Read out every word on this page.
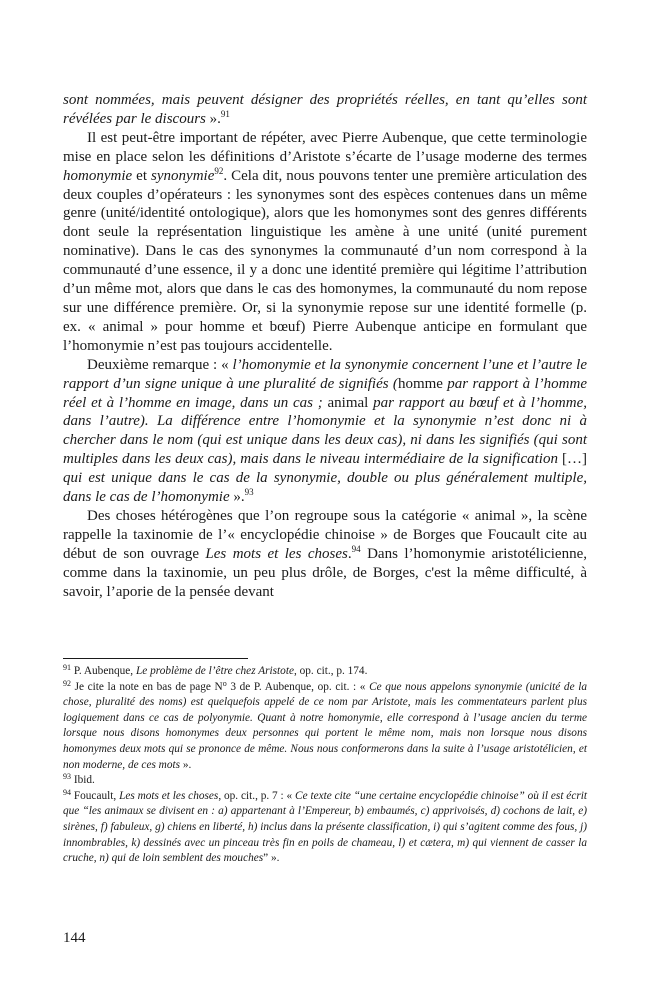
sont nommées, mais peuvent désigner des propriétés réelles, en tant qu’elles sont révélées par le discours ».$^{91}$

Il est peut-être important de répéter, avec Pierre Aubenque, que cette terminologie mise en place selon les définitions d’Aristote s’écarte de l’usage moderne des termes homonymie et synonymie$^{92}$. Cela dit, nous pouvons tenter une première articulation des deux couples d’opérateurs : les synonymes sont des espèces contenues dans un même genre (unité/identité ontologique), alors que les homonymes sont des genres différents dont seule la représentation linguistique les amène à une unité (unité purement nominative). Dans le cas des synonymes la communauté d’un nom correspond à la communauté d’une essence, il y a donc une identité première qui légitime l’attribution d’un même mot, alors que dans le cas des homonymes, la communauté du nom repose sur une différence première. Or, si la synonymie repose sur une identité formelle (p. ex. « animal » pour homme et bœuf) Pierre Aubenque anticipe en formulant que l’homonymie n’est pas toujours accidentelle.

Deuxième remarque : « l’homonymie et la synonymie concernent l’une et l’autre le rapport d’un signe unique à une pluralité de signifiés (homme par rapport à l’homme réel et à l’homme en image, dans un cas ; animal par rapport au bœuf et à l’homme, dans l’autre). La différence entre l’homonymie et la synonymie n’est donc ni à chercher dans le nom (qui est unique dans les deux cas), ni dans les signifiés (qui sont multiples dans les deux cas), mais dans le niveau intermédiaire de la signification […] qui est unique dans le cas de la synonymie, double ou plus généralement multiple, dans le cas de l’homonymie ».$^{93}$

Des choses hétérogènes que l’on regroupe sous la catégorie « animal », la scène rappelle la taxinomie de l’« encyclopédie chinoise » de Borges que Foucault cite au début de son ouvrage Les mots et les choses.$^{94}$ Dans l’homonymie aristotélicienne, comme dans la taxinomie, un peu plus drôle, de Borges, c'est la même difficulté, à savoir, l’aporie de la pensée devant

$^{91}$ P. Aubenque, Le problème de l’être chez Aristote, op. cit., p. 174.

$^{92}$ Je cite la note en bas de page $N^o$ 3 de P. Aubenque, op. cit. : « Ce que nous appelons synonymie (unicité de la chose, pluralité des noms) est quelquefois appelé de ce nom par Aristote, mais les commentateurs parlent plus logiquement dans ce cas de polyonymie. Quant à notre homonymie, elle correspond à l’usage ancien du terme lorsque nous disons homonymes deux personnes qui portent le même nom, mais non lorsque nous disons homonymes deux mots qui se prononce de même. Nous nous conformerons dans la suite à l’usage aristotélicien, et non moderne, de ces mots ».

$^{93}$ Ibid.

$^{94}$ Foucault, Les mots et les choses, op. cit., p. 7 : « Ce texte cite “une certaine encyclopédie chinoise” où il est écrit que “les animaux se divisent en : a) appartenant à l’Empereur, b) embaumés, c) apprivoisés, d) cochons de lait, e) sirènes, f) fabuleux, g) chiens en liberté, h) inclus dans la présente classification, i) qui s’agitent comme des fous, j) innombrables, k) dessinés avec un pinceau très fin en poils de chameau, l) et cætera, m) qui viennent de casser la cruche, n) qui de loin semblent des mouches” ».

144
